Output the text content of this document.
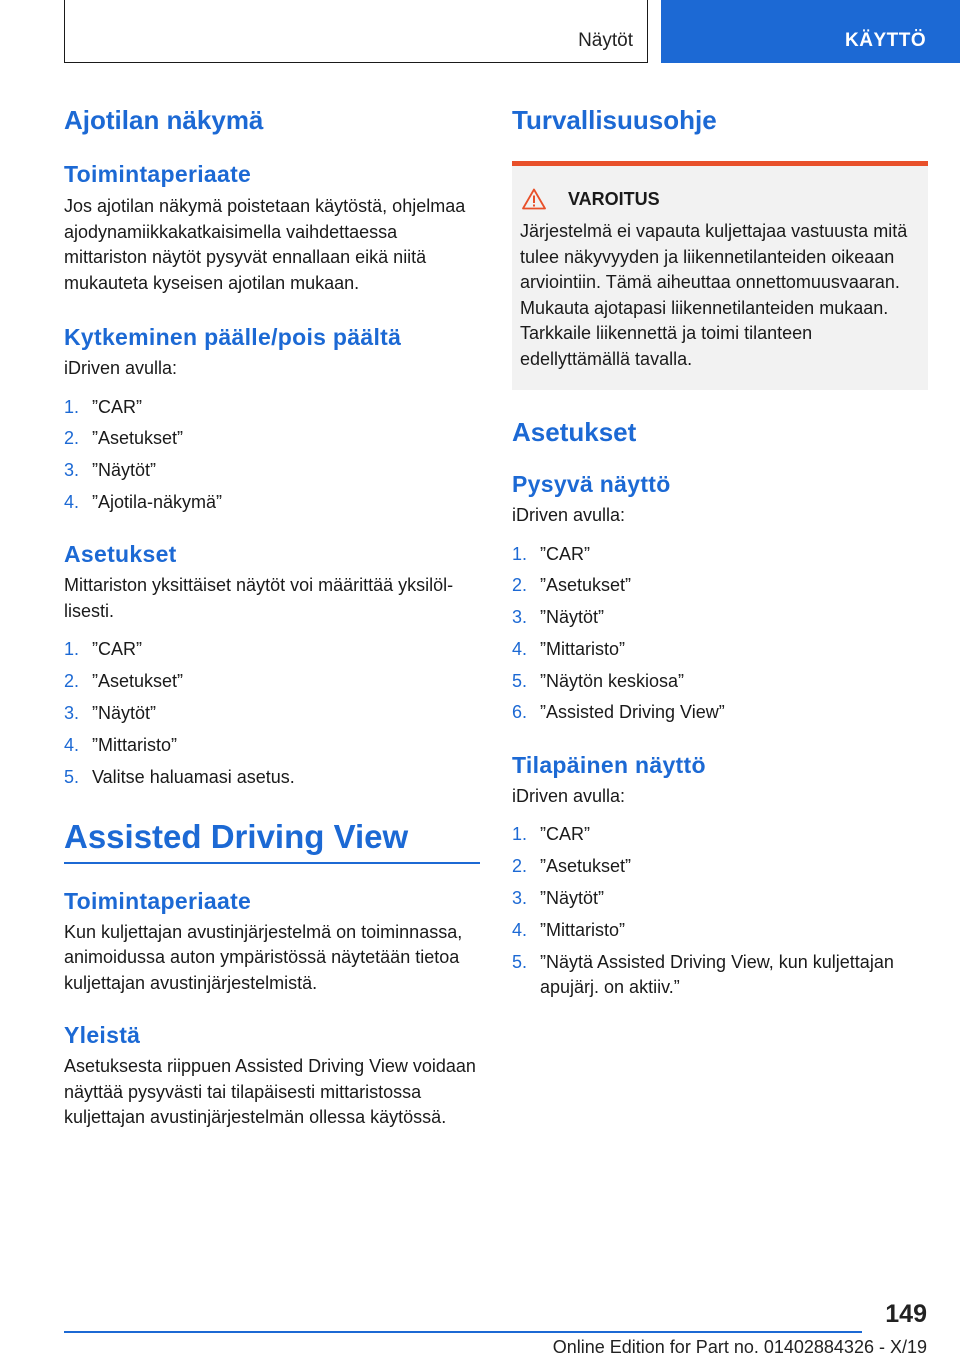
Näytöt	KÄYTTÖ
Ajotilan näkymä
Toimintaperiaate

Jos ajotilan näkymä poistetaan käytöstä, ohjelmaa ajodynamiikkakatkaisimella vaihdettaessa mittariston näytöt pysyvät ennallaan eikä niitä mukauteta kyseisen ajotilan mukaan.

Kytkeminen päälle/pois päältä

iDriven avulla:

1. ”CAR”
2. ”Asetukset”
3. ”Näytöt”
4. ”Ajotila-näkymä”
Asetukset

Mittariston yksittäiset näytöt voi määrittää yksilöllisesti.

1. ”CAR”
2. ”Asetukset”
3. ”Näytöt”
4. ”Mittaristo”
5. Valitse haluamasi asetus.
Assisted Driving View
Toimintaperiaate

Kun kuljettajan avustinjärjestelmä on toiminnassa, animoidussa auton ympäristössä näytetään tietoa kuljettajan avustinjärjestelmistä.

Yleistä

Asetuksesta riippuen Assisted Driving View voidaan näyttää pysyvästi tai tilapäisesti mittaristossa kuljettajan avustinjärjestelmän ollessa käytössä.

Turvallisuusohje
VAROITUS
Järjestelmä ei vapauta kuljettajaa vastuusta mitä tulee näkyvyyden ja liikennetilanteiden oikeaan arviointiin. Tämä aiheuttaa onnettomuusvaaran. Mukauta ajotapasi liikennetilanteiden mukaan. Tarkkaile liikennettä ja toimi tilanteen edellyttämällä tavalla.
Asetukset
Pysyvä näyttö

iDriven avulla:

1. ”CAR”
2. ”Asetukset”
3. ”Näytöt”
4. ”Mittaristo”
5. ”Näytön keskiosa”
6. ”Assisted Driving View”
Tilapäinen näyttö

iDriven avulla:

1. ”CAR”
2. ”Asetukset”
3. ”Näytöt”
4. ”Mittaristo”
5. ”Näytä Assisted Driving View, kun kuljettajan apujärj. on aktiiv.”
149
Online Edition for Part no. 01402884326 - X/19
